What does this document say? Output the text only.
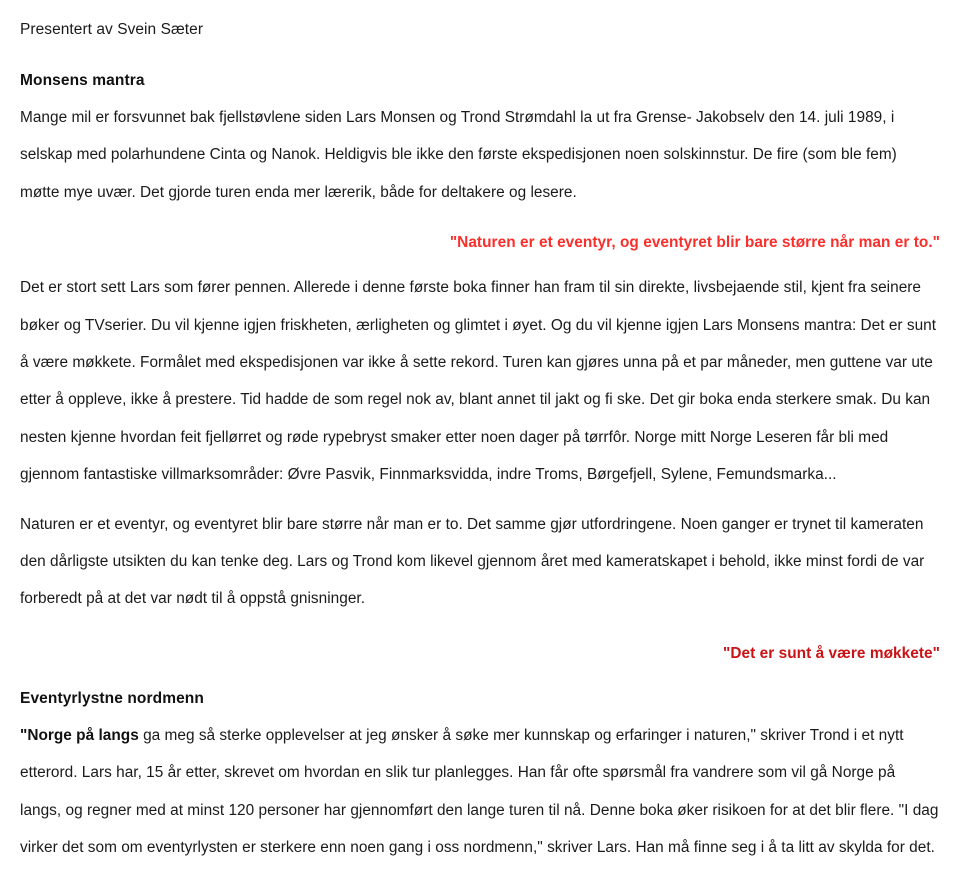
Presentert av Svein Sæter
Monsens mantra

Mange mil er forsvunnet bak fjellstøvlene siden Lars Monsen og Trond Strømdahl la ut fra Grense- Jakobselv den 14. juli 1989, i selskap med polarhundene Cinta og Nanok. Heldigvis ble ikke den første ekspedisjonen noen solskinnstur. De fire (som ble fem) møtte mye uvær. Det gjorde turen enda mer lærerik, både for deltakere og lesere.

"Naturen er et eventyr, og eventyret blir bare større når man er to."

Det er stort sett Lars som fører pennen. Allerede i denne første boka finner han fram til sin direkte, livsbejaende stil, kjent fra seinere bøker og TVserier. Du vil kjenne igjen friskheten, ærligheten og glimtet i øyet. Og du vil kjenne igjen Lars Monsens mantra: Det er sunt å være møkkete. Formålet med ekspedisjonen var ikke å sette rekord. Turen kan gjøres unna på et par måneder, men guttene var ute etter å oppleve, ikke å prestere. Tid hadde de som regel nok av, blant annet til jakt og fi ske. Det gir boka enda sterkere smak. Du kan nesten kjenne hvordan feit fjellørret og røde rypebryst smaker etter noen dager på tørrfôr. Norge mitt Norge Leseren får bli med gjennom fantastiske villmarksområder: Øvre Pasvik, Finnmarksvidda, indre Troms, Børgefjell, Sylene, Femundsmarka...

Naturen er et eventyr, og eventyret blir bare større når man er to. Det samme gjør utfordringene. Noen ganger er trynet til kameraten den dårligste utsikten du kan tenke deg. Lars og Trond kom likevel gjennom året med kameratskapet i behold, ikke minst fordi de var forberedt på at det var nødt til å oppstå gnisninger.

"Det er sunt å være møkkete"
Eventyrlystne nordmenn

"Norge på langs ga meg så sterke opplevelser at jeg ønsker å søke mer kunnskap og erfaringer i naturen," skriver Trond i et nytt etterord. Lars har, 15 år etter, skrevet om hvordan en slik tur planlegges. Han får ofte spørsmål fra vandrere som vil gå Norge på langs, og regner med at minst 120 personer har gjennomført den lange turen til nå. Denne boka øker risikoen for at det blir flere. "I dag virker det som om eventyrlysten er sterkere enn noen gang i oss nordmenn," skriver Lars. Han må finne seg i å ta litt av skylda for det.
